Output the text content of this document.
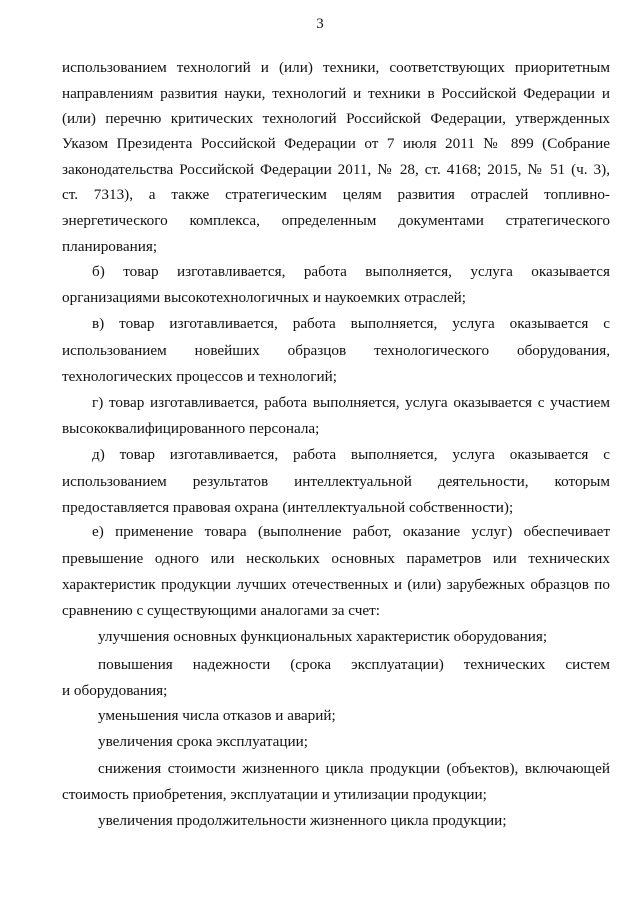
3
использованием технологий и (или) техники, соответствующих приоритетным
направлениям развития науки, технологий и техники в Российской Федерации и
(или) перечню критических технологий Российской Федерации, утвержденных
Указом Президента Российской Федерации от 7 июля 2011 № 899 (Собрание
законодательства Российской Федерации 2011, № 28, ст. 4168; 2015, № 51 (ч. 3),
ст. 7313), а также стратегическим целям развития отраслей топливно-
энергетического комплекса, определенным документами стратегического
планирования;
б) товар изготавливается, работа выполняется, услуга оказывается
организациями высокотехнологичных и наукоемких отраслей;
в) товар изготавливается, работа выполняется, услуга оказывается с
использованием новейших образцов технологического оборудования,
технологических процессов и технологий;
г) товар изготавливается, работа выполняется, услуга оказывается с участием
высококвалифицированного персонала;
д) товар изготавливается, работа выполняется, услуга оказывается с
использованием результатов интеллектуальной деятельности, которым
предоставляется правовая охрана (интеллектуальной собственности);
е) применение товара (выполнение работ, оказание услуг) обеспечивает
превышение одного или нескольких основных параметров или технических
характеристик продукции лучших отечественных и (или) зарубежных образцов по
сравнению с существующими аналогами за счет:
улучшения основных функциональных характеристик оборудования;
повышения надежности (срока эксплуатации) технических систем
и оборудования;
уменьшения числа отказов и аварий;
увеличения срока эксплуатации;
снижения стоимости жизненного цикла продукции (объектов), включающей
стоимость приобретения, эксплуатации и утилизации продукции;
увеличения продолжительности жизненного цикла продукции;
